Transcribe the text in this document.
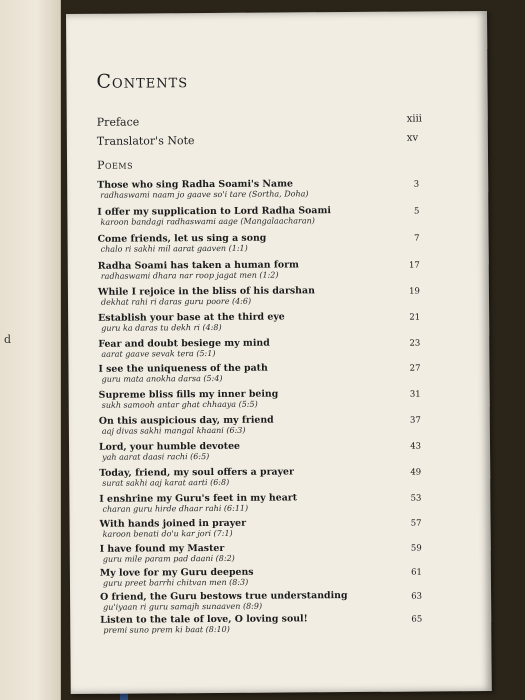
d
Contents
Preface	xiii
Translator's Note	xv
Poems
Those who sing Radha Soami's Name
radhaswami naam jo gaave so'i tare (Sortha, Doha)
3
I offer my supplication to Lord Radha Soami
karoon bandagi radhaswami aage (Mangalaacharan)
5
Come friends, let us sing a song
chalo ri sakhi mil aarat gaaven (1:1)
7
Radha Soami has taken a human form
radhaswami dhara nar roop jagat men (1:2)
17
While I rejoice in the bliss of his darshan
dekhat rahi ri daras guru poore (4:6)
19
Establish your base at the third eye
guru ka daras tu dekh ri (4:8)
21
Fear and doubt besiege my mind
aarat gaave sevak tera (5:1)
23
I see the uniqueness of the path
guru mata anokha darsa (5:4)
27
Supreme bliss fills my inner being
sukh samooh antar ghat chhaaya (5:5)
31
On this auspicious day, my friend
aaj divas sakhi mangal khaani (6:3)
37
Lord, your humble devotee
yah aarat daasi rachi (6:5)
43
Today, friend, my soul offers a prayer
surat sakhi aaj karat aarti (6:8)
49
I enshrine my Guru's feet in my heart
charan guru hirde dhaar rahi (6:11)
53
With hands joined in prayer
karoon benati do'u kar jori (7:1)
57
I have found my Master
guru mile param pad daani (8:2)
59
My love for my Guru deepens
guru preet barrhi chitvan men (8:3)
61
O friend, the Guru bestows true understanding
gu'iyaan ri guru samajh sunaaven (8:9)
63
Listen to the tale of love, O loving soul!
premi suno prem ki baat (8:10)
65
